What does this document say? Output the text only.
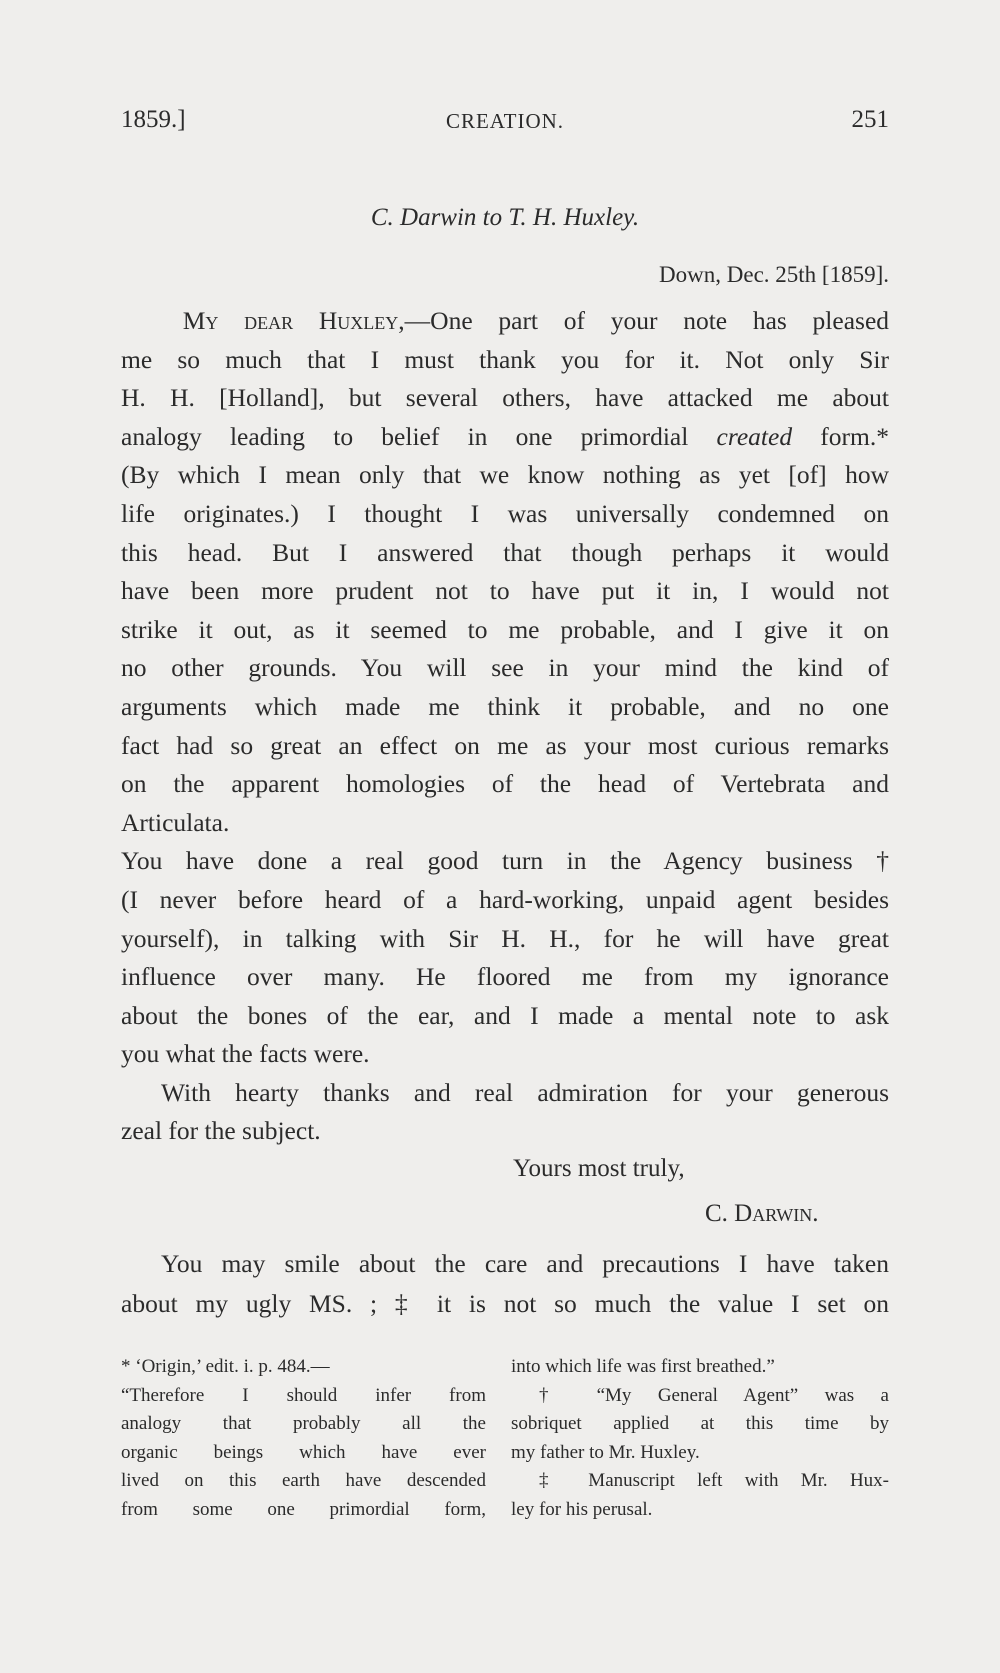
1859.]	CREATION.	251
C. Darwin to T. H. Huxley.
Down, Dec. 25th [1859].
My dear Huxley,—One part of your note has pleased
me so much that I must thank you for it. Not only Sir
H. H. [Holland], but several others, have attacked me about
analogy leading to belief in one primordial created form.*
(By which I mean only that we know nothing as yet [of] how
life originates.) I thought I was universally condemned on
this head. But I answered that though perhaps it would
have been more prudent not to have put it in, I would not
strike it out, as it seemed to me probable, and I give it on
no other grounds. You will see in your mind the kind of
arguments which made me think it probable, and no one
fact had so great an effect on me as your most curious remarks
on the apparent homologies of the head of Vertebrata and
Articulata.
You have done a real good turn in the Agency business †
(I never before heard of a hard-working, unpaid agent besides
yourself), in talking with Sir H. H., for he will have great
influence over many. He floored me from my ignorance
about the bones of the ear, and I made a mental note to ask
you what the facts were.
With hearty thanks and real admiration for your generous
zeal for the subject.
Yours most truly,
C. Darwin.
You may smile about the care and precautions I have taken
about my ugly MS. ; ‡ it is not so much the value I set on
* ‘Origin,’ edit. i. p. 484.—
“Therefore I should infer from
analogy that probably all the
organic beings which have ever
lived on this earth have descended
from some one primordial form,
into which life was first breathed.”
† “My General Agent” was a
sobriquet applied at this time by
my father to Mr. Huxley.
‡ Manuscript left with Mr. Hux-
ley for his perusal.
